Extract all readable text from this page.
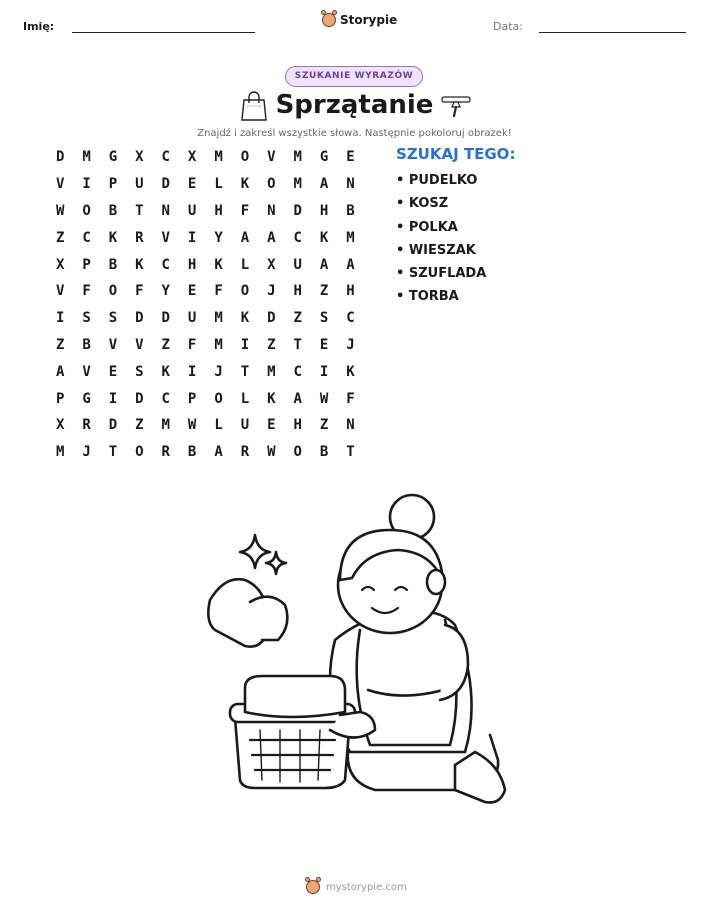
Imię:	Storypie	Data:
SZUKANIE WYRAZÓW
Sprzątanie
Znajdź i zakreśl wszystkie słowa. Następnie pokoloruj obrazek!
D	M	G	X	C	X	M	O	V	M	G	E
V	I	P	U	D	E	L	K	O	M	A	N
W	O	B	T	N	U	H	F	N	D	H	B
Z	C	K	R	V	I	Y	A	A	C	K	M
X	P	B	K	C	H	K	L	X	U	A	A
V	F	O	F	Y	E	F	O	J	H	Z	H
I	S	S	D	D	U	M	K	D	Z	S	C
Z	B	V	V	Z	F	M	I	Z	T	E	J
A	V	E	S	K	I	J	T	M	C	I	K
P	G	I	D	C	P	O	L	K	A	W	F
X	R	D	Z	M	W	L	U	E	H	Z	N
M	J	T	O	R	B	A	R	W	O	B	T
SZUKAJ TEGO:
• PUDELKO
• KOSZ
• POLKA
• WIESZAK
• SZUFLADA
• TORBA
mystorypie.com
